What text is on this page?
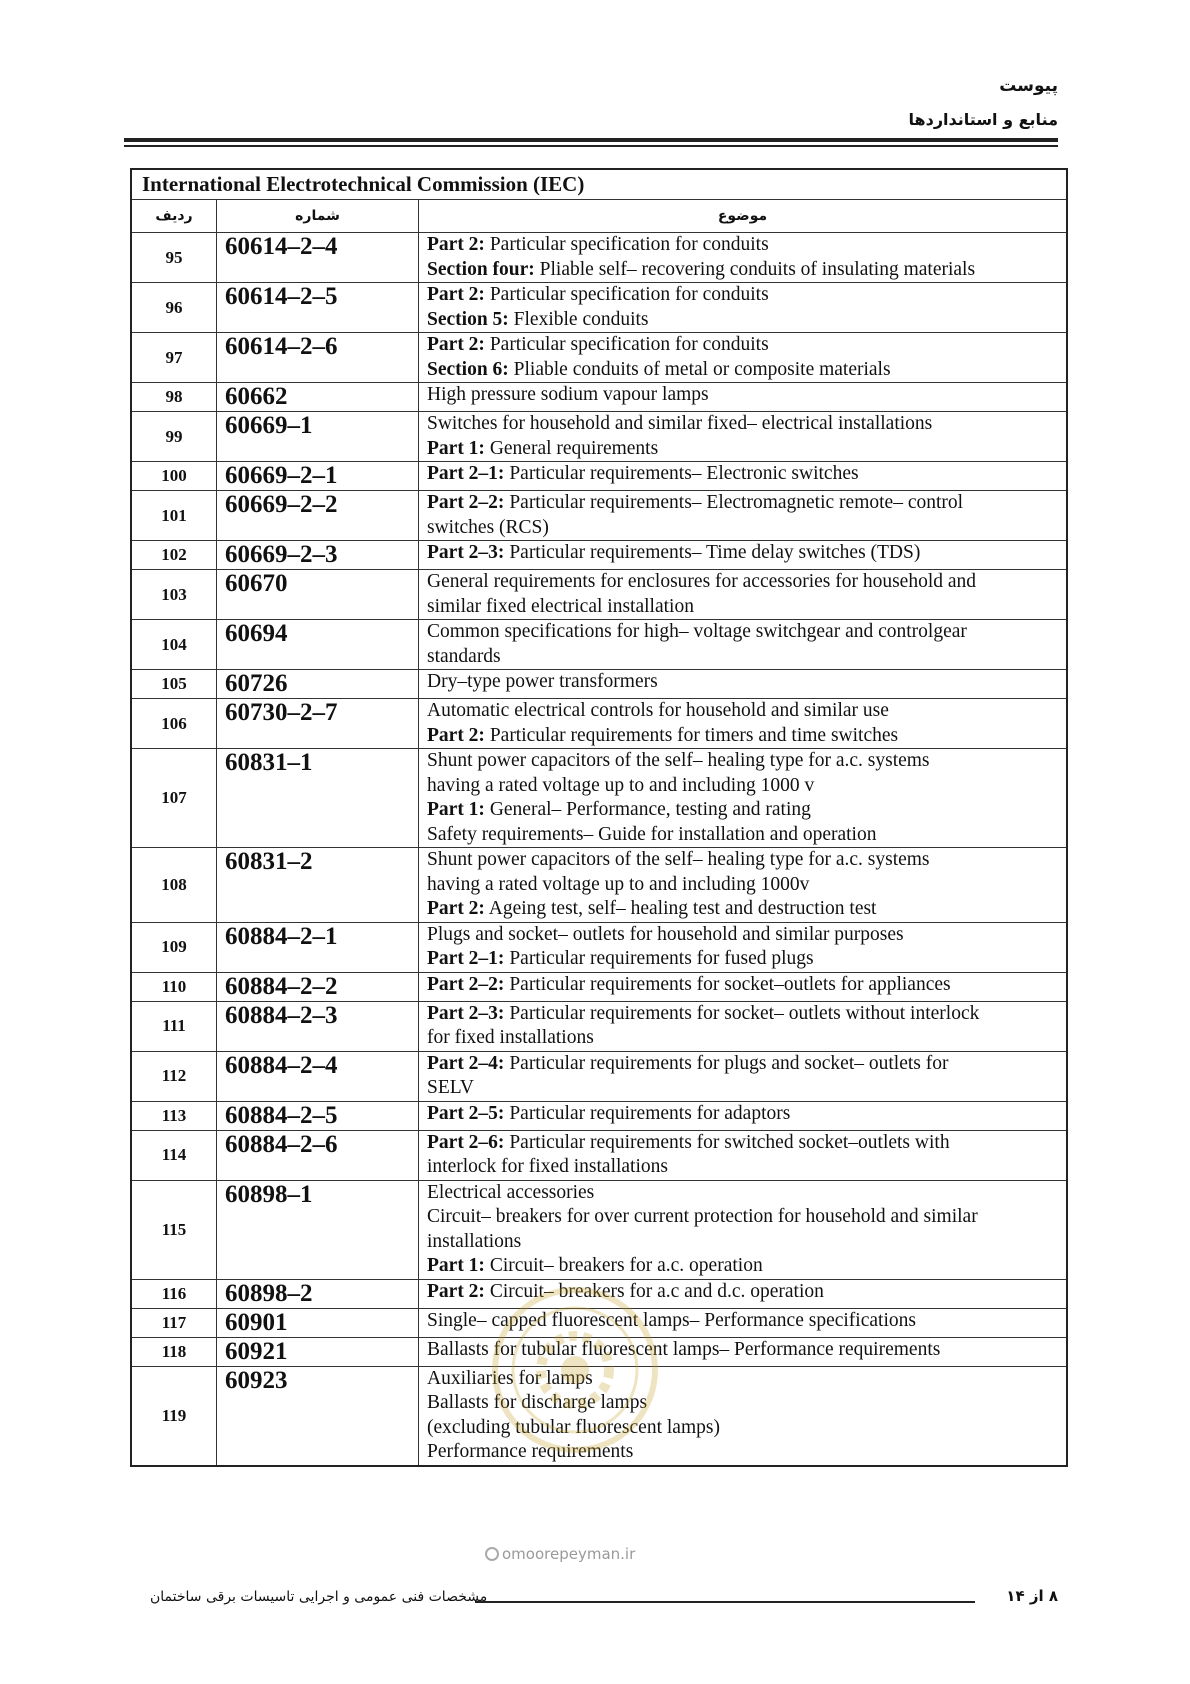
پیوست
منابع و استانداردها
International Electrotechnical Commission (IEC)		
ردیف	شماره	موضوع
95	60614–2–4	Part 2: Particular specification for conduits
Section four: Pliable self– recovering conduits of insulating materials

96	60614–2–5	Part 2: Particular specification for conduits
Section 5: Flexible conduits

97	60614–2–6	Part 2: Particular specification for conduits
Section 6: Pliable conduits of metal or composite materials

98	60662	High pressure sodium vapour lamps

99	60669–1	Switches for household and similar fixed– electrical installations
Part 1: General requirements

100	60669–2–1	Part 2–1: Particular requirements– Electronic switches

101	60669–2–2	Part 2–2: Particular requirements– Electromagnetic remote– control
switches (RCS)

102	60669–2–3	Part 2–3: Particular requirements– Time delay switches (TDS)

103	60670	General requirements for enclosures for accessories for household and
similar fixed electrical installation

104	60694	Common specifications for high– voltage switchgear and controlgear
standards

105	60726	Dry–type power transformers

106	60730–2–7	Automatic electrical controls for household and similar use
Part 2: Particular requirements for timers and time switches

107	60831–1	Shunt power capacitors of the self– healing type for a.c. systems
having a rated voltage up to and including 1000 v
Part 1: General– Performance, testing and rating
Safety requirements– Guide for installation and operation

108	60831–2	Shunt power capacitors of the self– healing type for a.c. systems
having a rated voltage up to and including 1000v
Part 2: Ageing test, self– healing test and destruction test

109	60884–2–1	Plugs and socket– outlets for household and similar purposes
Part 2–1: Particular requirements for fused plugs

110	60884–2–2	Part 2–2: Particular requirements for socket–outlets for appliances

111	60884–2–3	Part 2–3: Particular requirements for socket– outlets without interlock
for fixed installations

112	60884–2–4	Part 2–4: Particular requirements for plugs and socket– outlets for
SELV

113	60884–2–5	Part 2–5: Particular requirements for adaptors

114	60884–2–6	Part 2–6: Particular requirements for switched socket–outlets with
interlock for fixed installations

115	60898–1	Electrical accessories
Circuit– breakers for over current protection for household and similar
installations
Part 1: Circuit– breakers for a.c. operation

116	60898–2	Part 2: Circuit– breakers for a.c and d.c. operation

117	60901	Single– capped fluorescent lamps– Performance specifications

118	60921	Ballasts for tubular fluorescent lamps– Performance requirements

119	60923	Auxiliaries for lamps
Ballasts for discharge lamps
(excluding tubular fluorescent lamps)
Performance requirements
omoorepeyman.ir
مشخصات فنی عمومی و اجرایی تاسیسات برقی ساختمان	۸ از ۱۴
